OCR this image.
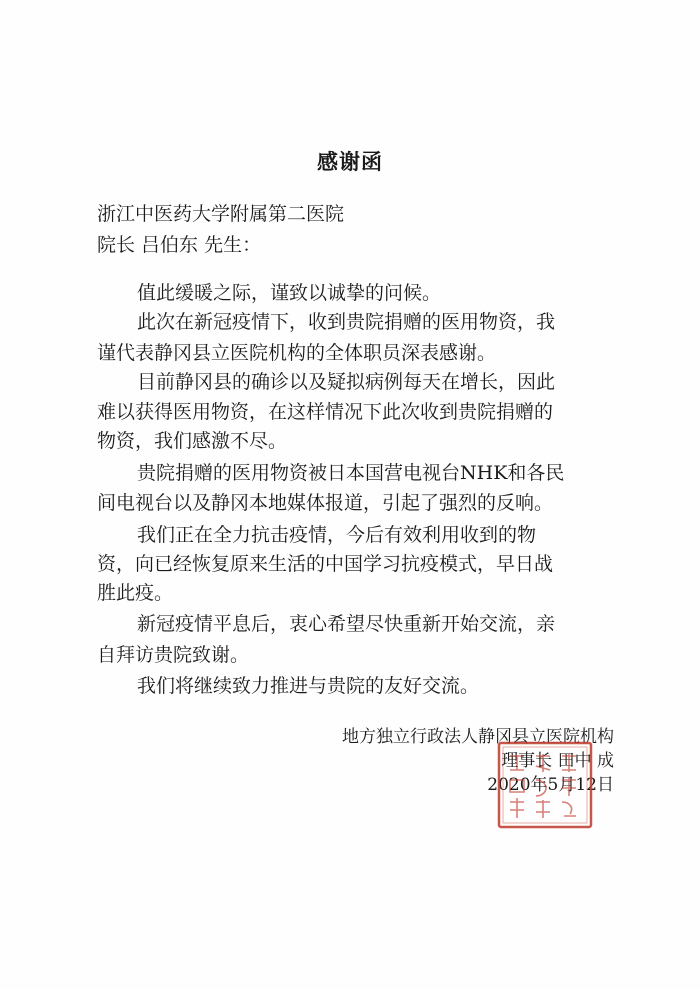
感谢函
浙江中医药大学附属第二医院
院长 吕伯东 先生：
值此缓暖之际，谨致以诚挚的问候。
此次在新冠疫情下，收到贵院捐赠的医用物资，我
谨代表静冈县立医院机构的全体职员深表感谢。
目前静冈县的确诊以及疑拟病例每天在增长，因此
难以获得医用物资，在这样情况下此次收到贵院捐赠的
物资，我们感激不尽。
贵院捐赠的医用物资被日本国营电视台NHK和各民
间电视台以及静冈本地媒体报道，引起了强烈的反响。
我们正在全力抗击疫情，今后有效利用收到的物
资，向已经恢复原来生活的中国学习抗疫模式，早日战
胜此疫。
新冠疫情平息后，衷心希望尽快重新开始交流，亲
自拜访贵院致谢。
我们将继续致力推进与贵院的友好交流。
地方独立行政法人静冈县立医院机构
理事长 田中 成
2020年5月12日
